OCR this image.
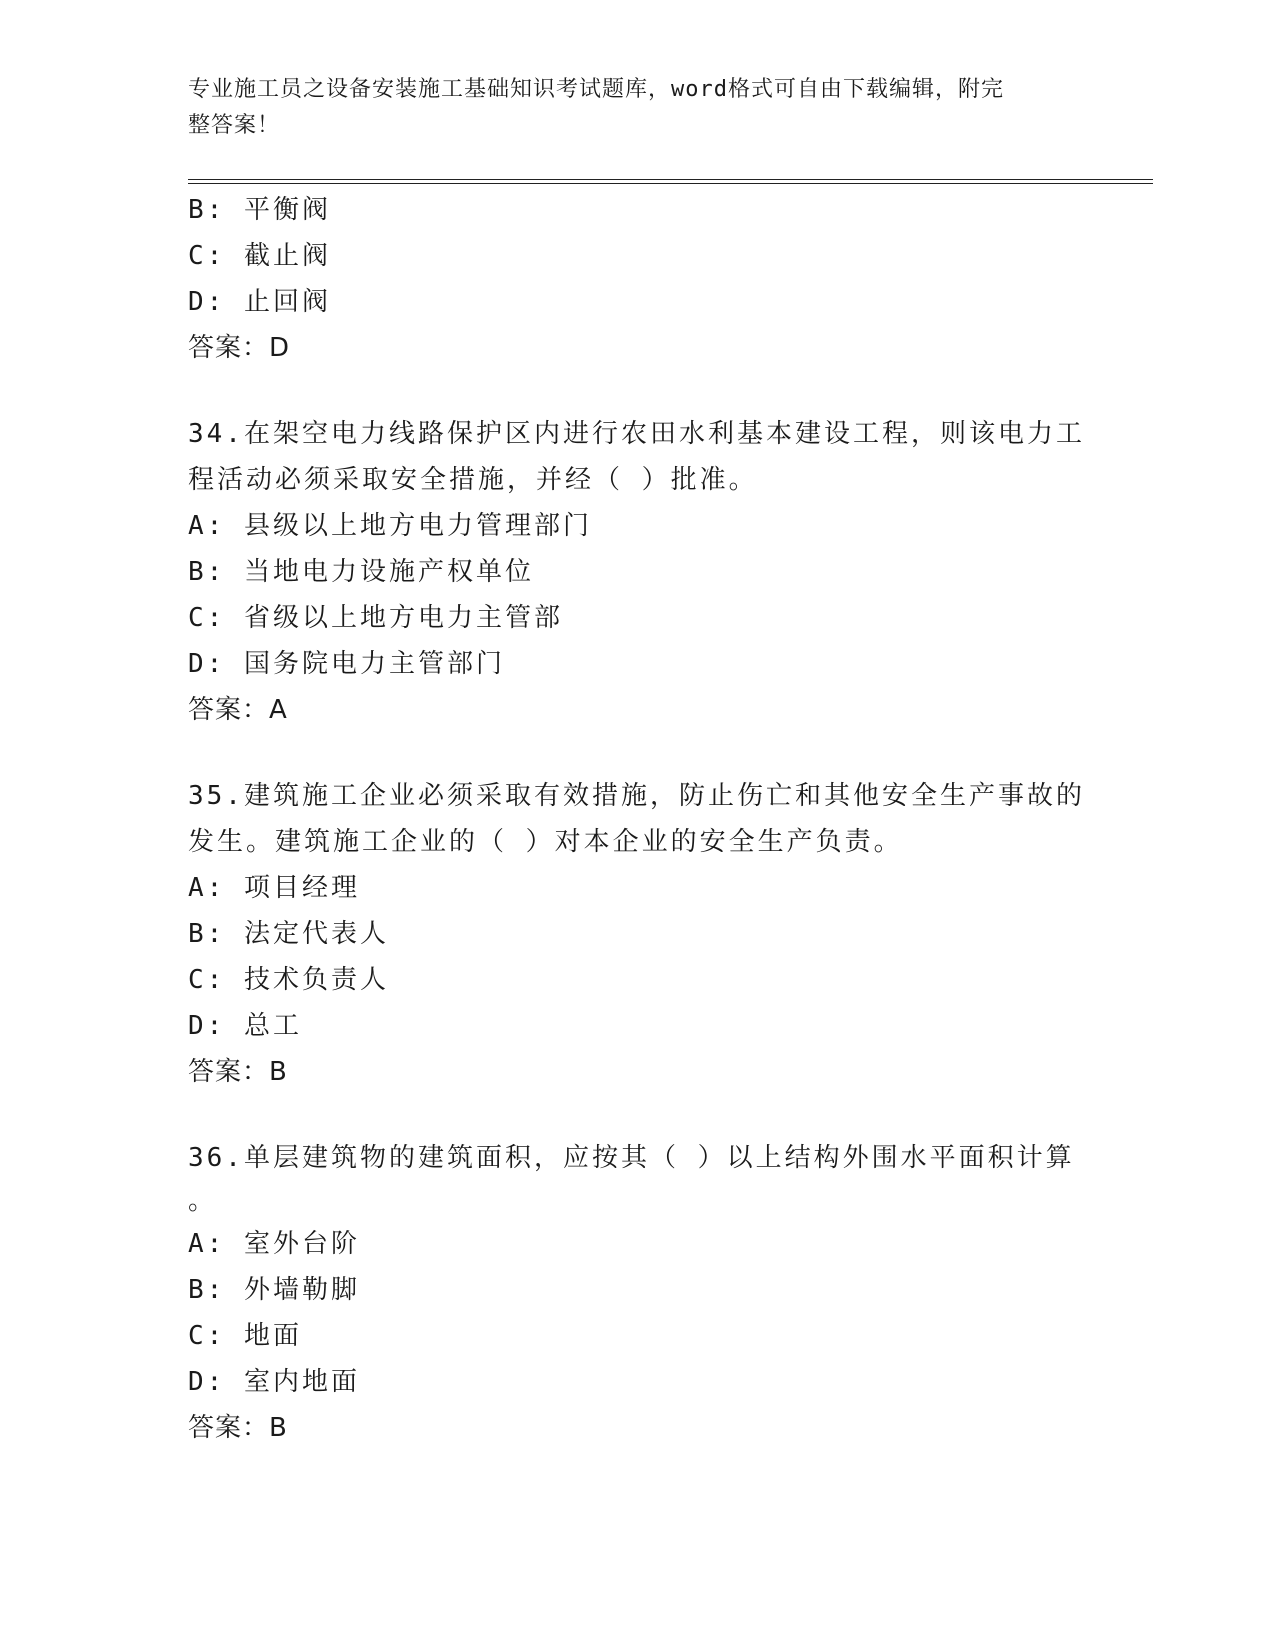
专业施工员之设备安装施工基础知识考试题库，word格式可自由下载编辑，附完
整答案！
B: 平衡阀
C: 截止阀
D: 止回阀
答案：D
34.在架空电力线路保护区内进行农田水利基本建设工程，则该电力工
程活动必须采取安全措施，并经（ ）批准。
A: 县级以上地方电力管理部门
B: 当地电力设施产权单位
C: 省级以上地方电力主管部
D: 国务院电力主管部门
答案：A
35.建筑施工企业必须采取有效措施，防止伤亡和其他安全生产事故的
发生。建筑施工企业的（ ）对本企业的安全生产负责。
A: 项目经理
B: 法定代表人
C: 技术负责人
D: 总工
答案：B
36.单层建筑物的建筑面积，应按其（ ）以上结构外围水平面积计算
。
A: 室外台阶
B: 外墙勒脚
C: 地面
D: 室内地面
答案：B
